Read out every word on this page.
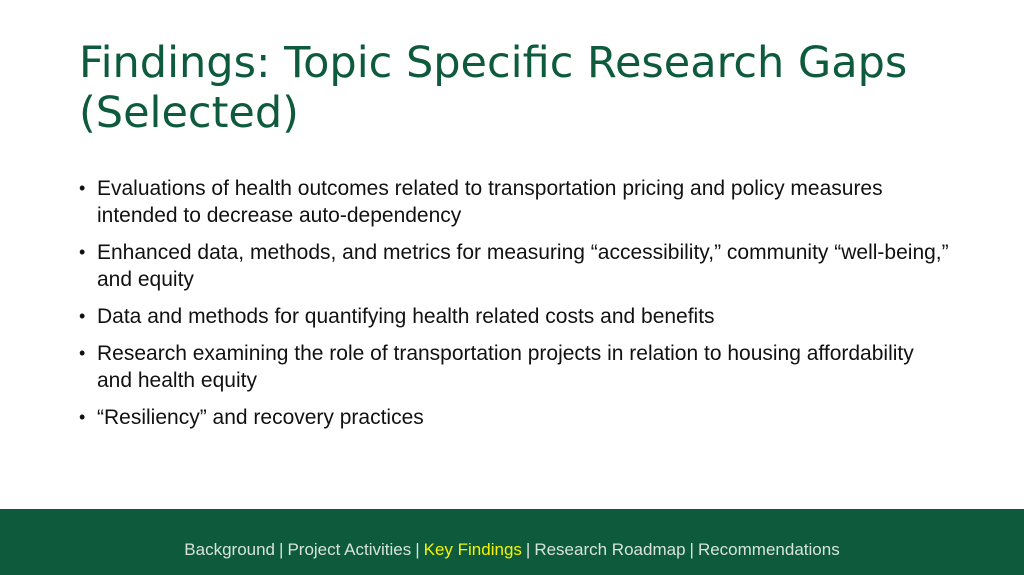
Findings: Topic Specific Research Gaps (Selected)
• Evaluations of health outcomes related to transportation pricing and policy measures intended to decrease auto-dependency
• Enhanced data, methods, and metrics for measuring “accessibility,” community “well-being,” and equity
• Data and methods for quantifying health related costs and benefits
• Research examining the role of transportation projects in relation to housing affordability and health equity
• “Resiliency” and recovery practices
Background | Project Activities | Key Findings | Research Roadmap | Recommendations
